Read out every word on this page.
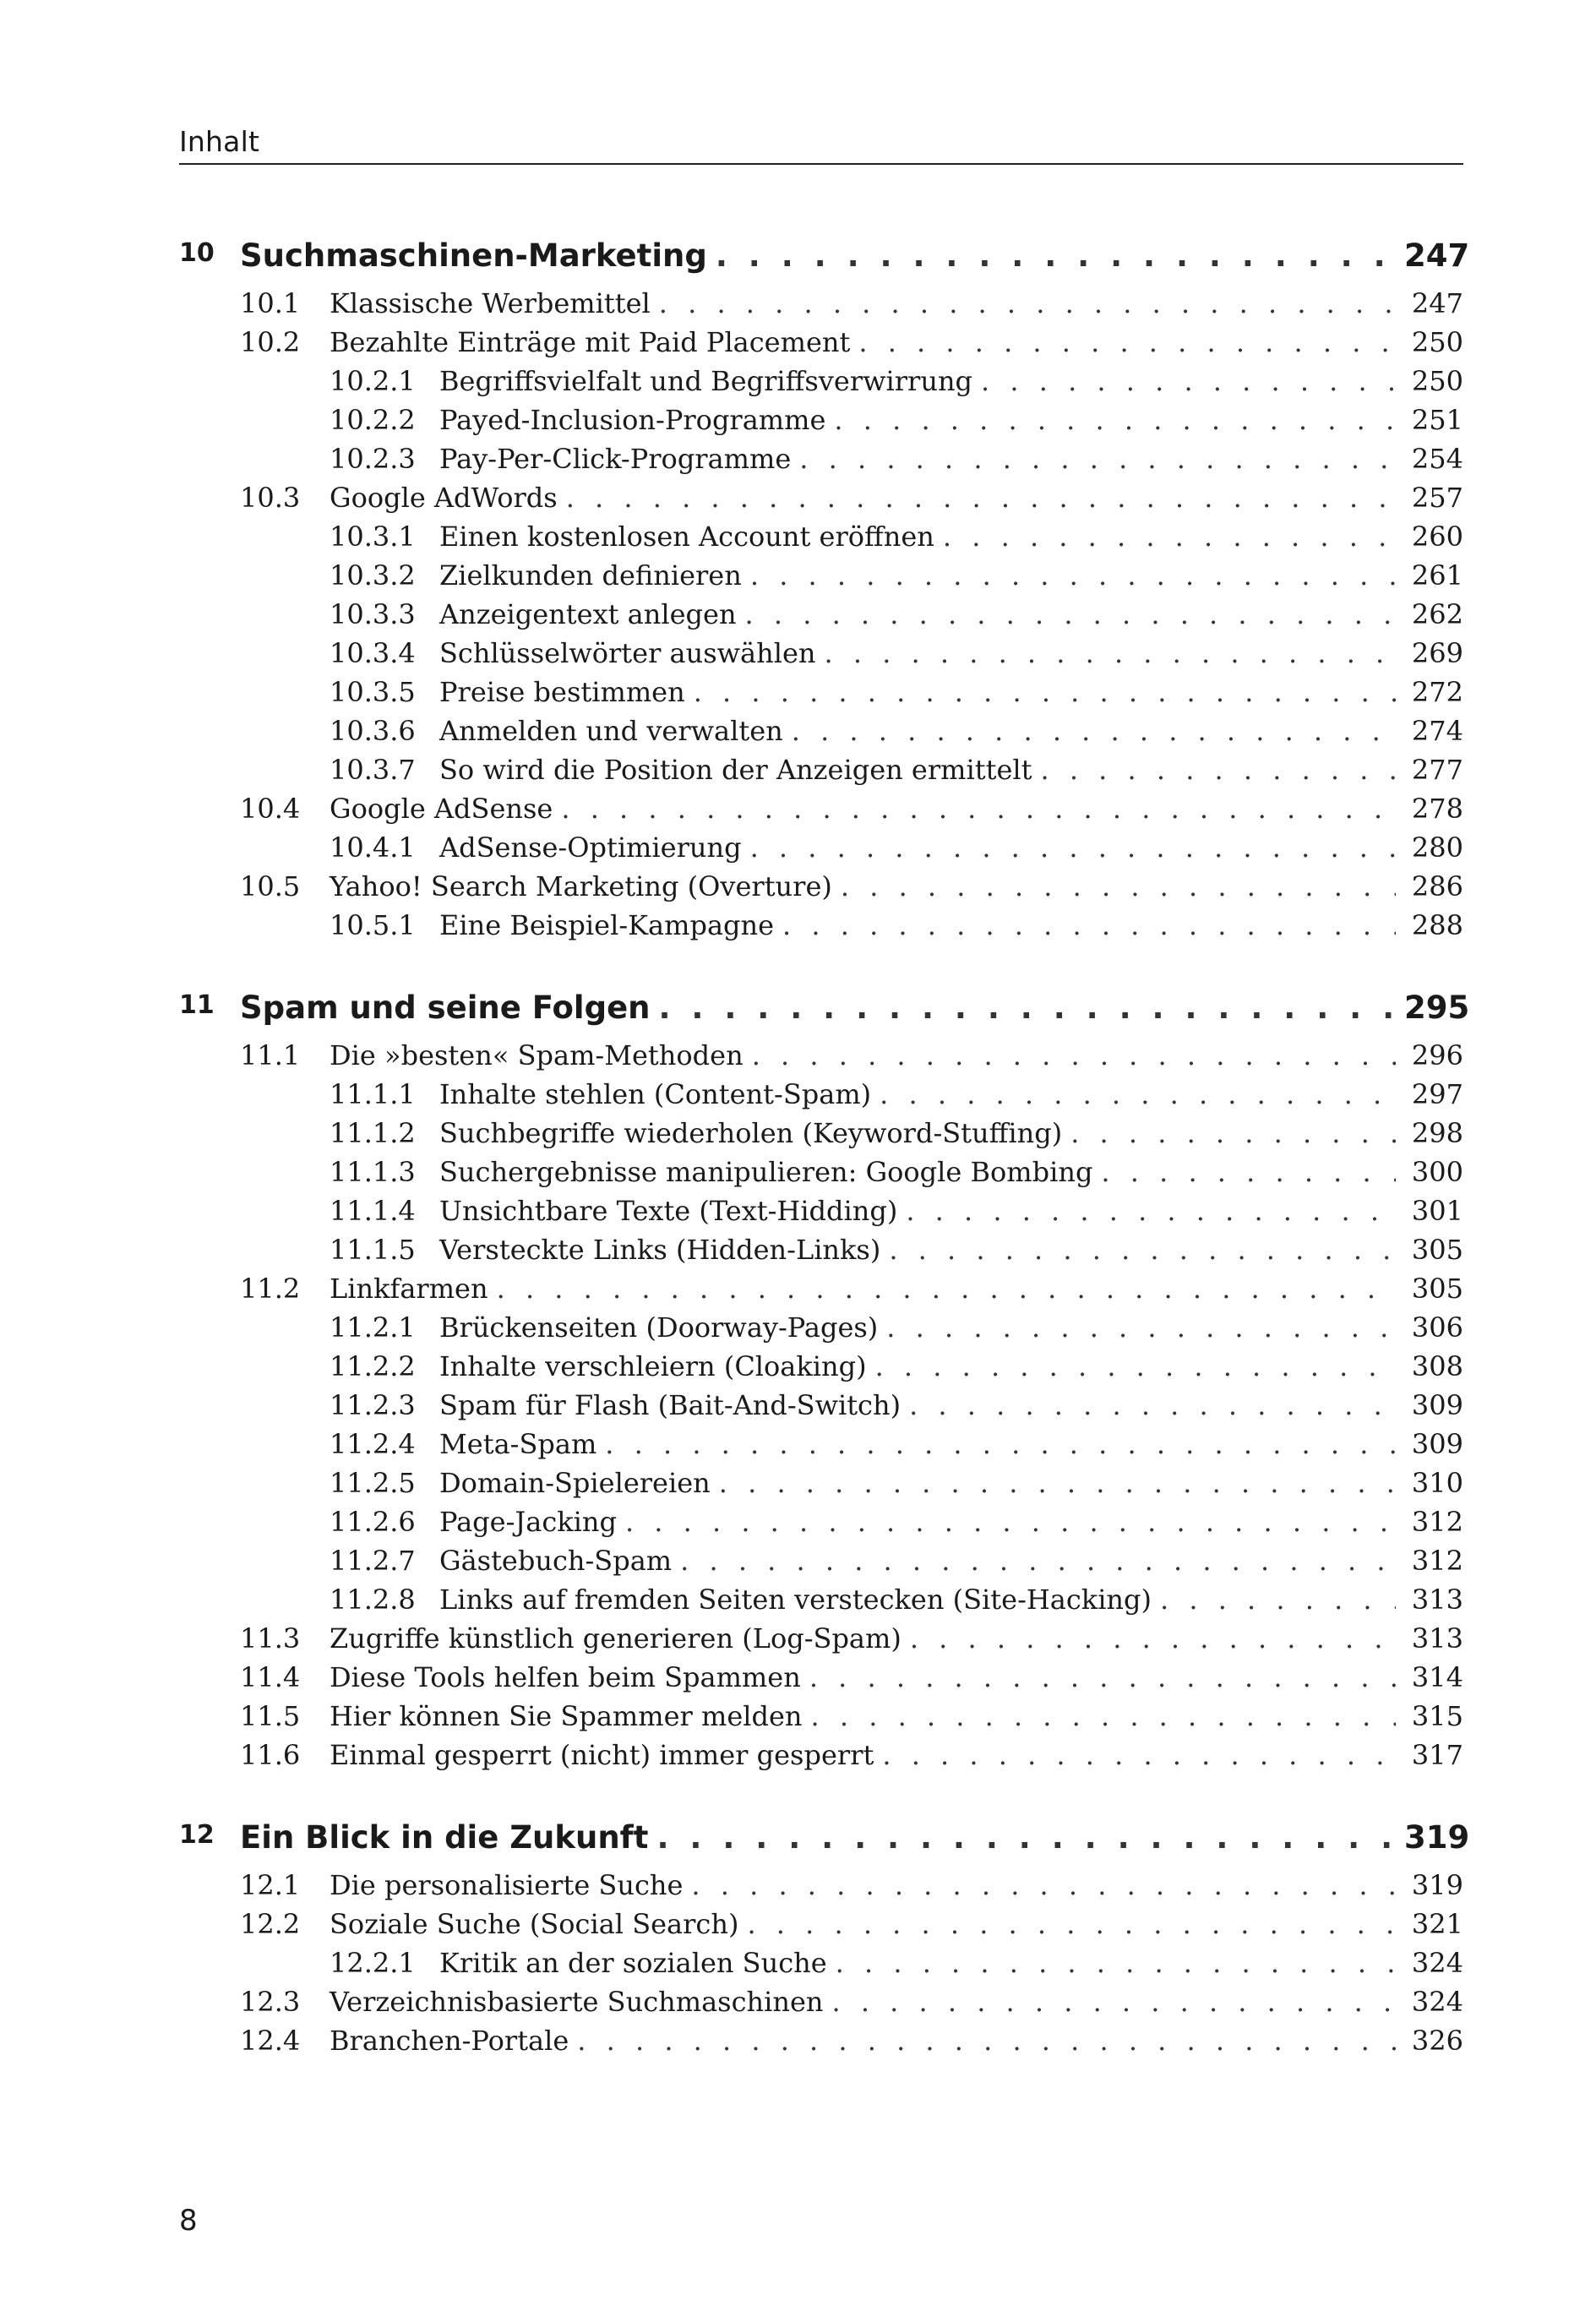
Inhalt
10 Suchmaschinen-Marketing . . .	247
10.1	Klassische Werbemittel . . .	247
10.2	Bezahlte Einträge mit Paid Placement . . .	250
10.2.1 Begriffsvielfalt und Begriffsverwirrung . . .	250
10.2.2 Payed-Inclusion-Programme . . .	251
10.2.3 Pay-Per-Click-Programme . . .	254
10.3	Google AdWords . . .	257
10.3.1 Einen kostenlosen Account eröffnen . . .	260
10.3.2 Zielkunden definieren . . .	261
10.3.3 Anzeigentext anlegen . . .	262
10.3.4 Schlüsselwörter auswählen . . .	269
10.3.5 Preise bestimmen . . .	272
10.3.6 Anmelden und verwalten . . .	274
10.3.7 So wird die Position der Anzeigen ermittelt . . .	277
10.4	Google AdSense . . .	278
10.4.1 AdSense-Optimierung . . .	280
10.5	Yahoo! Search Marketing (Overture) . . .	286
10.5.1 Eine Beispiel-Kampagne . . .	288
11 Spam und seine Folgen . . .	295
11.1	Die »besten« Spam-Methoden . . .	296
11.1.1 Inhalte stehlen (Content-Spam) . . .	297
11.1.2 Suchbegriffe wiederholen (Keyword-Stuffing) . . .	298
11.1.3 Suchergebnisse manipulieren: Google Bombing . . .	300
11.1.4 Unsichtbare Texte (Text-Hidding) . . .	301
11.1.5 Versteckte Links (Hidden-Links) . . .	305
11.2	Linkfarmen . . .	305
11.2.1 Brückenseiten (Doorway-Pages) . . .	306
11.2.2 Inhalte verschleiern (Cloaking) . . .	308
11.2.3 Spam für Flash (Bait-And-Switch) . . .	309
11.2.4 Meta-Spam . . .	309
11.2.5 Domain-Spielereien . . .	310
11.2.6 Page-Jacking . . .	312
11.2.7 Gästebuch-Spam . . .	312
11.2.8 Links auf fremden Seiten verstecken (Site-Hacking) . . .	313
11.3	Zugriffe künstlich generieren (Log-Spam) . . .	313
11.4	Diese Tools helfen beim Spammen . . .	314
11.5	Hier können Sie Spammer melden . . .	315
11.6	Einmal gesperrt (nicht) immer gesperrt . . .	317
12 Ein Blick in die Zukunft . . .	319
12.1	Die personalisierte Suche . . .	319
12.2	Soziale Suche (Social Search) . . .	321
12.2.1 Kritik an der sozialen Suche . . .	324
12.3	Verzeichnisbasierte Suchmaschinen . . .	324
12.4	Branchen-Portale . . .	326
8
